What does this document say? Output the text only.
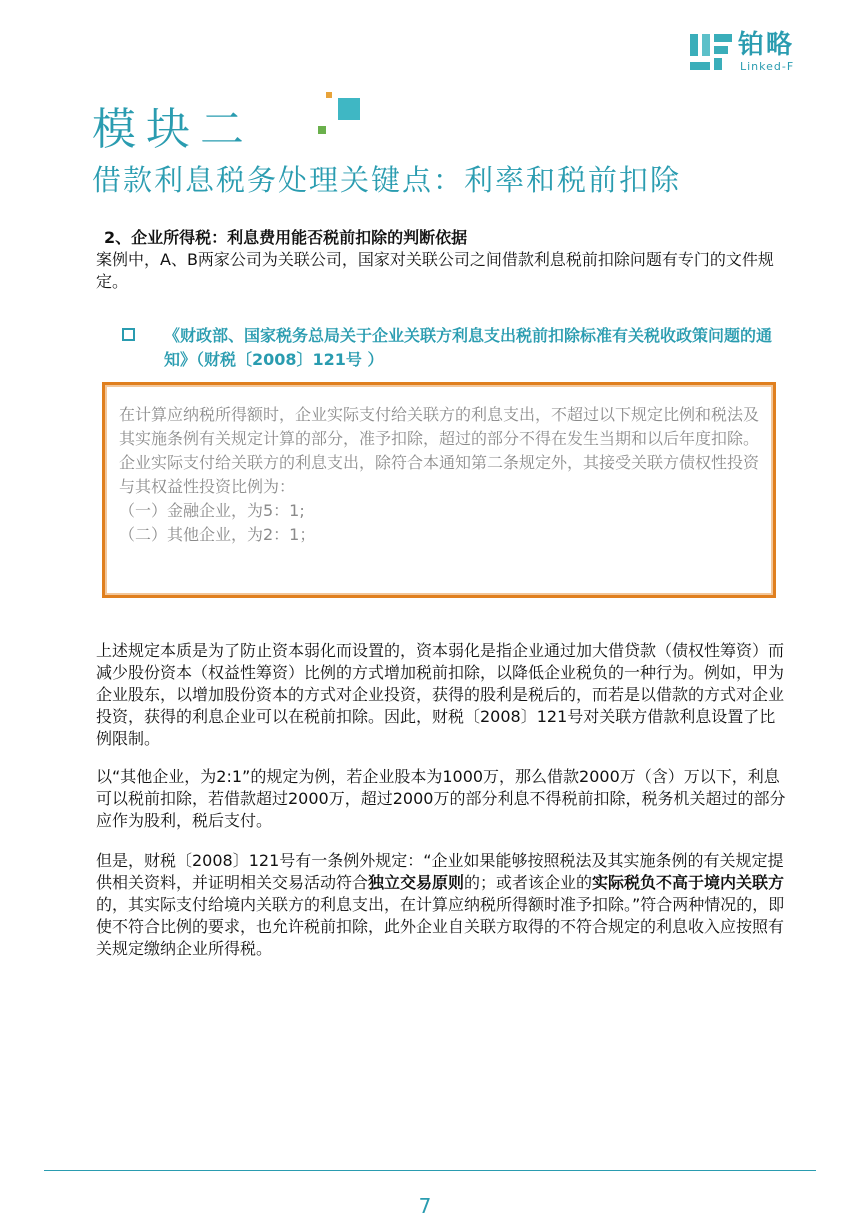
铂略
Linked-F
模块二
借款利息税务处理关键点：利率和税前扣除
2、企业所得税：利息费用能否税前扣除的判断依据

案例中，A、B两家公司为关联公司，国家对关联公司之间借款利息税前扣除问题有专门的文件规定。

《财政部、国家税务总局关于企业关联方利息支出税前扣除标准有关税收政策问题的通知》（财税〔2008〕121号 ）
在计算应纳税所得额时，企业实际支付给关联方的利息支出，不超过以下规定比例和税法及其实施条例有关规定计算的部分，准予扣除，超过的部分不得在发生当期和以后年度扣除。
企业实际支付给关联方的利息支出，除符合本通知第二条规定外，其接受关联方债权性投资与其权益性投资比例为：
（一）金融企业，为5：1;
（二）其他企业，为2：1；

上述规定本质是为了防止资本弱化而设置的，资本弱化是指企业通过加大借贷款（债权性筹资）而减少股份资本（权益性筹资）比例的方式增加税前扣除，以降低企业税负的一种行为。例如，甲为企业股东，以增加股份资本的方式对企业投资，获得的股利是税后的，而若是以借款的方式对企业投资，获得的利息企业可以在税前扣除。因此，财税〔2008〕121号对关联方借款利息设置了比例限制。

以“其他企业，为2:1”的规定为例，若企业股本为1000万，那么借款2000万（含）万以下，利息可以税前扣除，若借款超过2000万，超过2000万的部分利息不得税前扣除，税务机关超过的部分应作为股利，税后支付。

但是，财税〔2008〕121号有一条例外规定：“企业如果能够按照税法及其实施条例的有关规定提供相关资料，并证明相关交易活动符合独立交易原则的；或者该企业的实际税负不高于境内关联方的，其实际支付给境内关联方的利息支出，在计算应纳税所得额时准予扣除。”符合两种情况的，即使不符合比例的要求，也允许税前扣除，此外企业自关联方取得的不符合规定的利息收入应按照有关规定缴纳企业所得税。

7
